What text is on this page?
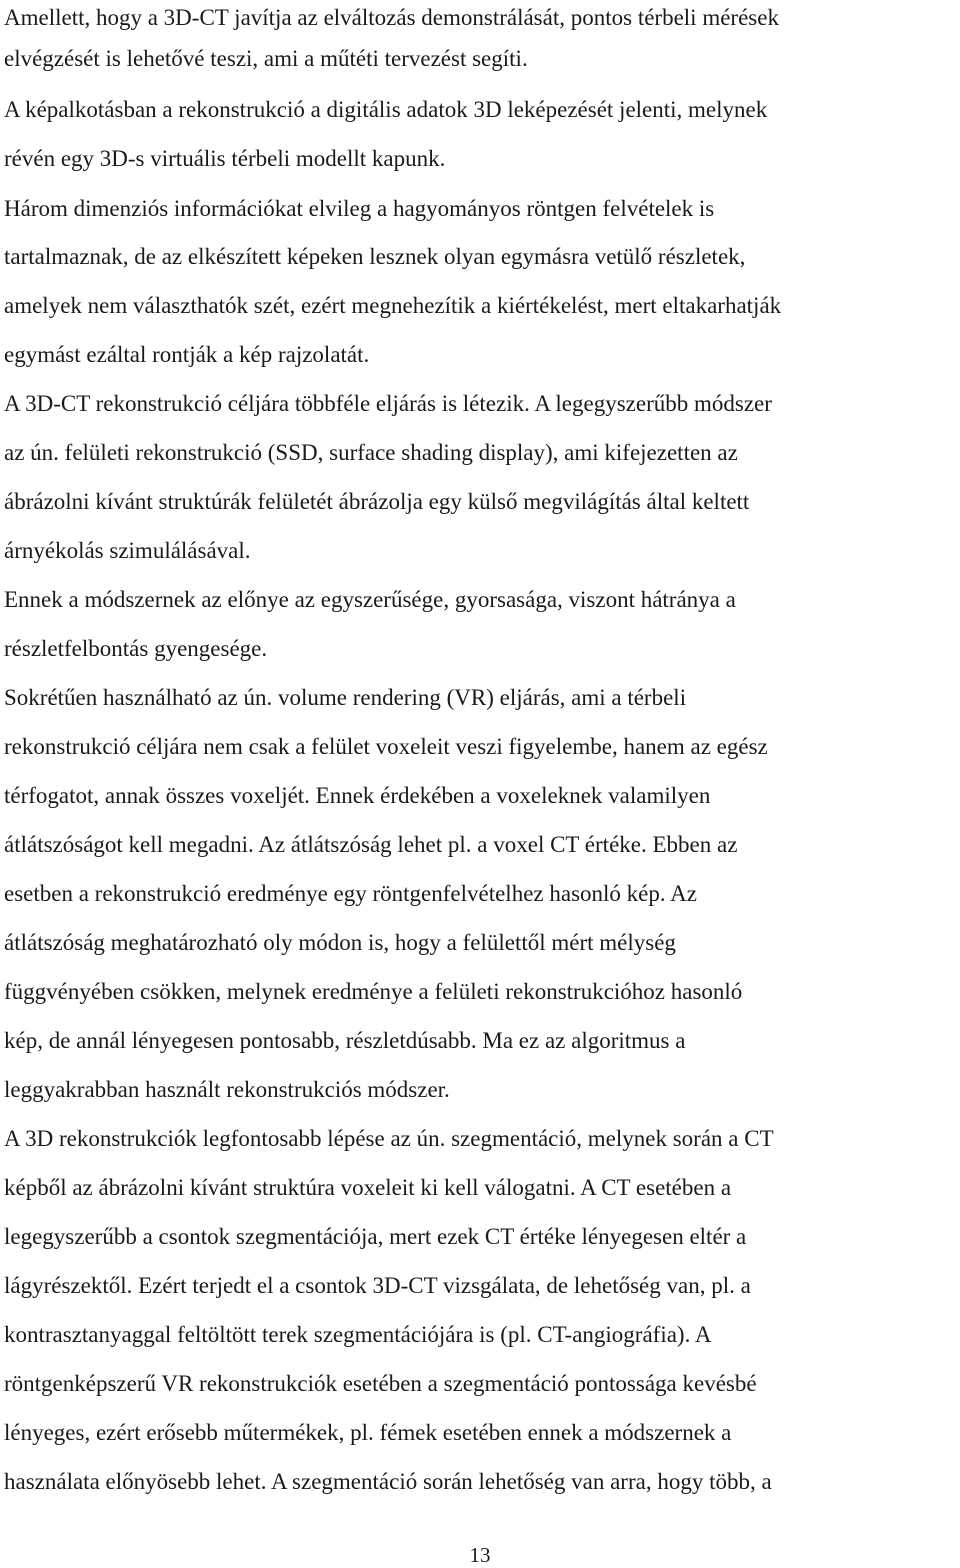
Amellett, hogy a 3D-CT javítja az elváltozás demonstrálását, pontos térbeli mérések
elvégzését is lehetővé teszi, ami a műtéti tervezést segíti.
A képalkotásban a rekonstrukció a digitális adatok 3D leképezését jelenti, melynek
révén egy 3D-s virtuális térbeli modellt kapunk.
Három dimenziós információkat elvileg a hagyományos röntgen felvételek is
tartalmaznak, de az elkészített képeken lesznek olyan egymásra vetülő részletek,
amelyek nem választhatók szét, ezért megnehezítik a kiértékelést, mert eltakarhatják
egymást ezáltal rontják a kép rajzolatát.
A 3D-CT rekonstrukció céljára többféle eljárás is létezik. A legegyszerűbb módszer
az ún. felületi rekonstrukció (SSD, surface shading display), ami kifejezetten az
ábrázolni kívánt struktúrák felületét ábrázolja egy külső megvilágítás által keltett
árnyékolás szimulálásával.
Ennek a módszernek az előnye az egyszerűsége, gyorsasága, viszont hátránya a
részletfelbontás gyengesége.
Sokrétűen használható az ún. volume rendering (VR) eljárás, ami a térbeli
rekonstrukció céljára nem csak a felület voxeleit veszi figyelembe, hanem az egész
térfogatot, annak összes voxeljét. Ennek érdekében a voxeleknek valamilyen
átlátszóságot kell megadni. Az átlátszóság lehet pl. a voxel CT értéke. Ebben az
esetben a rekonstrukció eredménye egy röntgenfelvételhez hasonló kép. Az
átlátszóság meghatározható oly módon is, hogy a felülettől mért mélység
függvényében csökken, melynek eredménye a felületi rekonstrukcióhoz hasonló
kép, de annál lényegesen pontosabb, részletdúsabb. Ma ez az algoritmus a
leggyakrabban használt rekonstrukciós módszer.
A 3D rekonstrukciók legfontosabb lépése az ún. szegmentáció, melynek során a CT
képből az ábrázolni kívánt struktúra voxeleit ki kell válogatni. A CT esetében a
legegyszerűbb a csontok szegmentációja, mert ezek CT értéke lényegesen eltér a
lágyrészektől. Ezért terjedt el a csontok 3D-CT vizsgálata, de lehetőség van, pl. a
kontrasztanyaggal feltöltött terek szegmentációjára is (pl. CT-angiográfia). A
röntgenképszerű VR rekonstrukciók esetében a szegmentáció pontossága kevésbé
lényeges, ezért erősebb műtermékek, pl. fémek esetében ennek a módszernek a
használata előnyösebb lehet. A szegmentáció során lehetőség van arra, hogy több, a
13
